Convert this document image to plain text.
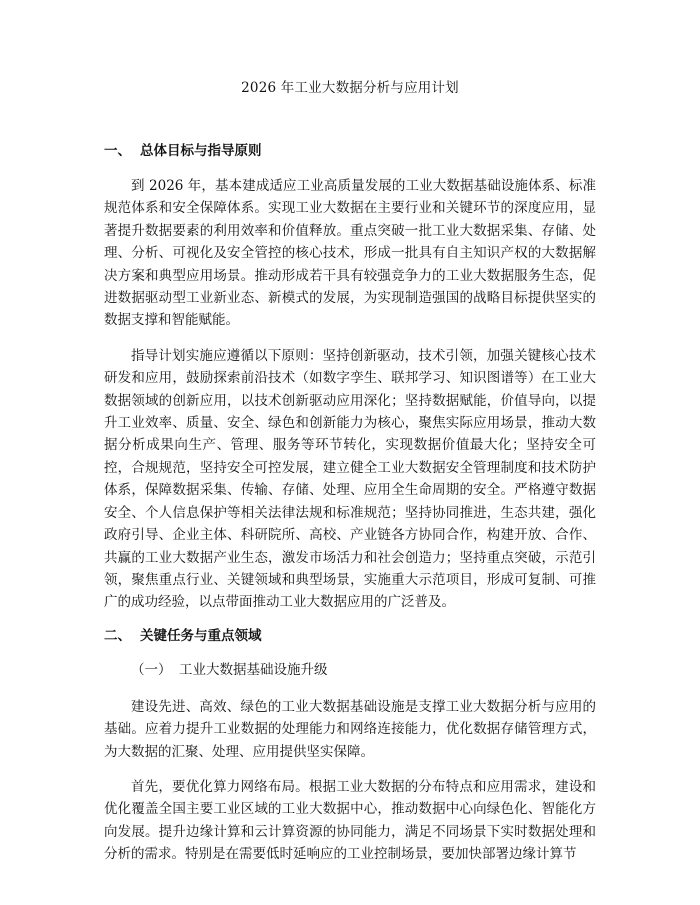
2026 年工业大数据分析与应用计划
一、 总体目标与指导原则

到 2026 年，基本建成适应工业高质量发展的工业大数据基础设施体系、标准规范体系和安全保障体系。实现工业大数据在主要行业和关键环节的深度应用，显著提升数据要素的利用效率和价值释放。重点突破一批工业大数据采集、存储、处理、分析、可视化及安全管控的核心技术，形成一批具有自主知识产权的大数据解决方案和典型应用场景。推动形成若干具有较强竞争力的工业大数据服务生态，促进数据驱动型工业新业态、新模式的发展，为实现制造强国的战略目标提供坚实的数据支撑和智能赋能。

指导计划实施应遵循以下原则：坚持创新驱动，技术引领，加强关键核心技术研发和应用，鼓励探索前沿技术（如数字孪生、联邦学习、知识图谱等）在工业大数据领域的创新应用，以技术创新驱动应用深化；坚持数据赋能，价值导向，以提升工业效率、质量、安全、绿色和创新能力为核心，聚焦实际应用场景，推动大数据分析成果向生产、管理、服务等环节转化，实现数据价值最大化；坚持安全可控，合规规范，坚持安全可控发展，建立健全工业大数据安全管理制度和技术防护体系，保障数据采集、传输、存储、处理、应用全生命周期的安全。严格遵守数据安全、个人信息保护等相关法律法规和标准规范；坚持协同推进，生态共建，强化政府引导、企业主体、科研院所、高校、产业链各方协同合作，构建开放、合作、共赢的工业大数据产业生态，激发市场活力和社会创造力；坚持重点突破，示范引领，聚焦重点行业、关键领域和典型场景，实施重大示范项目，形成可复制、可推广的成功经验，以点带面推动工业大数据应用的广泛普及。

二、 关键任务与重点领域
（一） 工业大数据基础设施升级

建设先进、高效、绿色的工业大数据基础设施是支撑工业大数据分析与应用的基础。应着力提升工业数据的处理能力和网络连接能力，优化数据存储管理方式，为大数据的汇聚、处理、应用提供坚实保障。

首先，要优化算力网络布局。根据工业大数据的分布特点和应用需求，建设和优化覆盖全国主要工业区域的工业大数据中心，推动数据中心向绿色化、智能化方向发展。提升边缘计算和云计算资源的协同能力，满足不同场景下实时数据处理和分析的需求。特别是在需要低时延响应的工业控制场景，要加快部署边缘计算节
